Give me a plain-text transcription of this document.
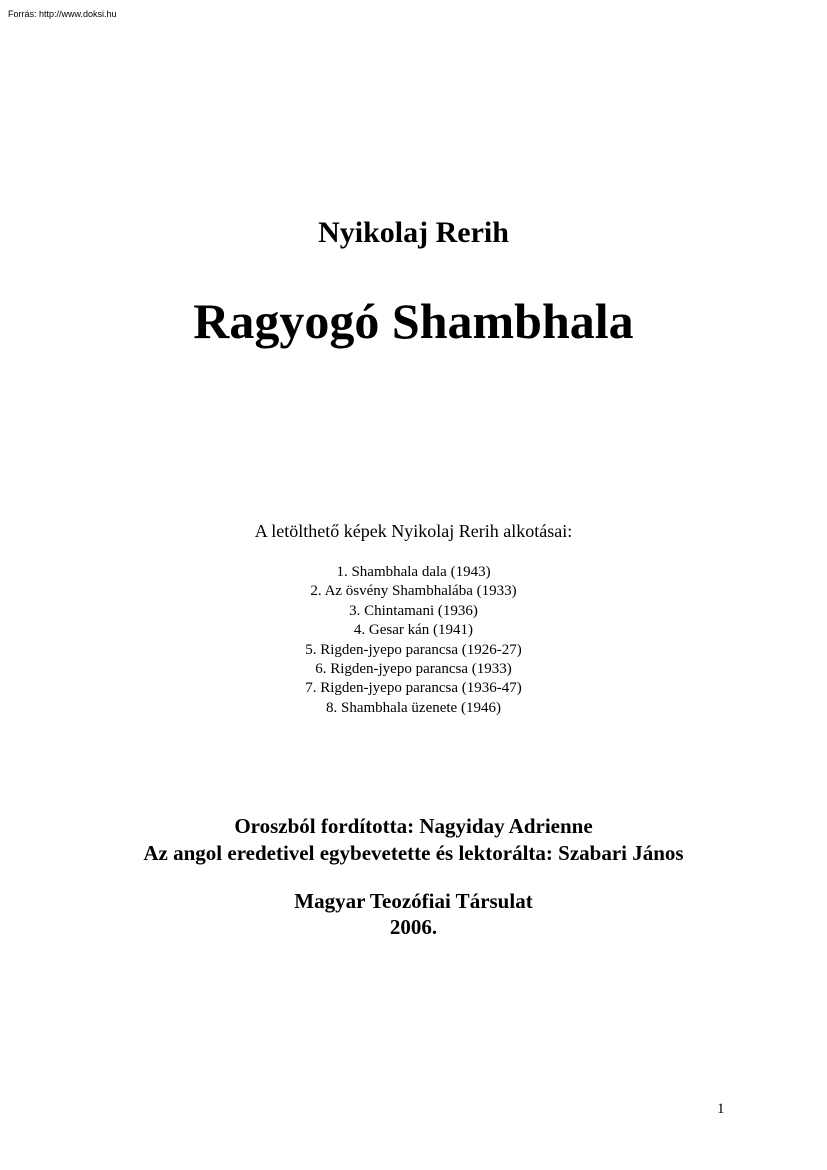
Forrás: http://www.doksi.hu
Nyikolaj Rerih
Ragyogó Shambhala
A letölthető képek Nyikolaj Rerih alkotásai:
1. Shambhala dala (1943)
2. Az ösvény Shambhalába (1933)
3. Chintamani (1936)
4. Gesar kán (1941)
5. Rigden-jyepo parancsa (1926-27)
6. Rigden-jyepo parancsa (1933)
7. Rigden-jyepo parancsa (1936-47)
8. Shambhala üzenete (1946)
Oroszból fordította: Nagyiday Adrienne
Az angol eredetivel egybevetette és lektorálta: Szabari János
Magyar Teozófiai Társulat
2006.
1
